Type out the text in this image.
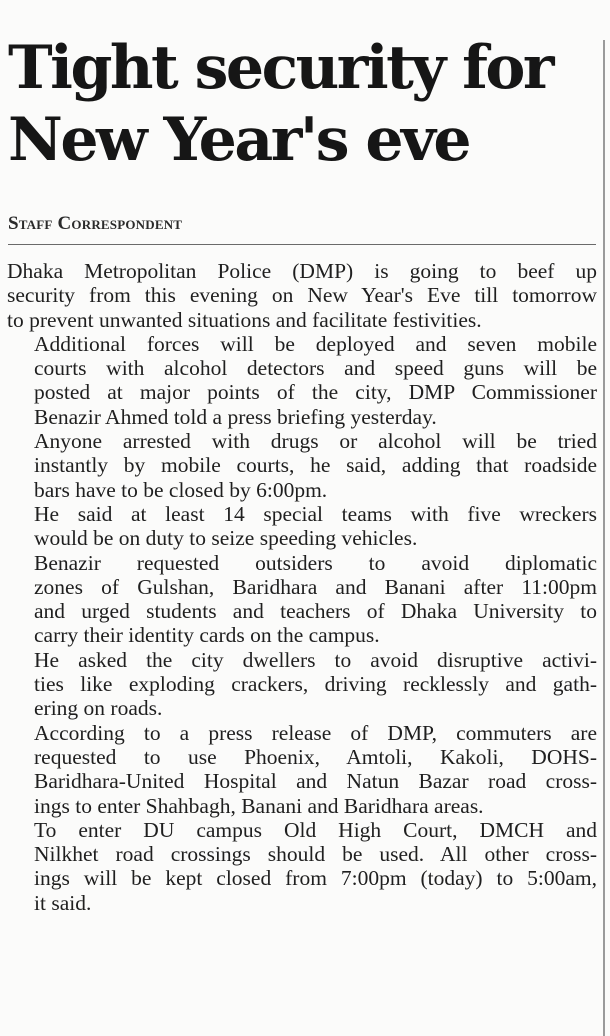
Tight security for
New Year's eve

Staff Correspondent

Dhaka Metropolitan Police (DMP) is going to beef up
security from this evening on New Year's Eve till tomorrow
to prevent unwanted situations and facilitate festivities.
Additional forces will be deployed and seven mobile
courts with alcohol detectors and speed guns will be
posted at major points of the city, DMP Commissioner
Benazir Ahmed told a press briefing yesterday.
Anyone arrested with drugs or alcohol will be tried
instantly by mobile courts, he said, adding that roadside
bars have to be closed by 6:00pm.
He said at least 14 special teams with five wreckers
would be on duty to seize speeding vehicles.
Benazir requested outsiders to avoid diplomatic
zones of Gulshan, Baridhara and Banani after 11:00pm
and urged students and teachers of Dhaka University to
carry their identity cards on the campus.
He asked the city dwellers to avoid disruptive activi-
ties like exploding crackers, driving recklessly and gath-
ering on roads.
According to a press release of DMP, commuters are
requested to use Phoenix, Amtoli, Kakoli, DOHS-
Baridhara-United Hospital and Natun Bazar road cross-
ings to enter Shahbagh, Banani and Baridhara areas.
To enter DU campus Old High Court, DMCH and
Nilkhet road crossings should be used. All other cross-
ings will be kept closed from 7:00pm (today) to 5:00am,
it said.
